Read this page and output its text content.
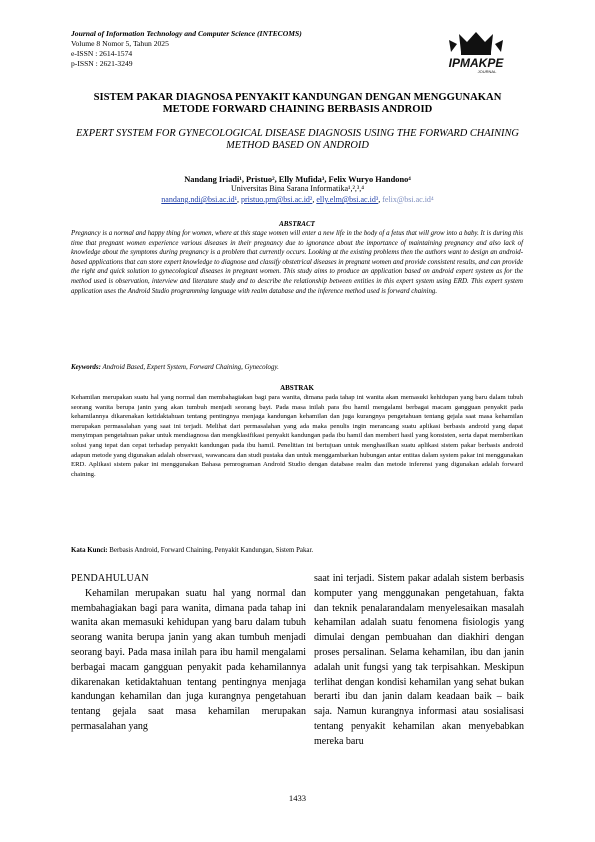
Journal of Information Technology and Computer Science (INTECOMS)
Volume 8 Nomor 5, Tahun 2025
e-ISSN : 2614-1574
p-ISSN : 2621-3249	IPMAKPE
JOURNAL
SISTEM PAKAR DIAGNOSA PENYAKIT KANDUNGAN DENGAN MENGGUNAKAN METODE FORWARD CHAINING BERBASIS ANDROID
EXPERT SYSTEM FOR GYNECOLOGICAL DISEASE DIAGNOSIS USING THE FORWARD CHAINING METHOD BASED ON ANDROID
Nandang Iriadi¹, Pristuo², Elly Mufida³, Felix Wuryo Handono⁴
Universitas Bina Sarana Informatika¹,²,³,⁴
nandang.ndi@bsi.ac.id¹, pristuo.prn@bsi.ac.id², elly.elm@bsi.ac.id³, felix@bsi.ac.id⁴
ABSTRACT

Pregnancy is a normal and happy thing for women, where at this stage women will enter a new life in the body of a fetus that will grow into a baby. It is during this time that pregnant women experience various diseases in their pregnancy due to ignorance about the importance of maintaining pregnancy and also lack of knowledge about the symptoms during pregnancy is a problem that currently occurs. Looking at the existing problems then the authors want to design an android-based applications that can store expert knowledge to diagnose and classify obstetrical diseases in pregnant women and provide consistent results, and can provide the right and quick solution to gynecological diseases in pregnant women. This study aims to produce an application based on android expert system as for the method used is observation, interview and literature study and to describe the relationship between entities in this expert system using ERD. This expert system application uses the Android Studio programming language with realm database and the inference method used is forward chaining.

Keywords: Android Based, Expert System, Forward Chaining, Gynecology.
ABSTRAK

Kehamilan merupakan suatu hal yang normal dan membahagiakan bagi para wanita, dimana pada tahap ini wanita akan memasuki kehidupan yang baru dalam tubuh seorang wanita berupa janin yang akan tumbuh menjadi seorang bayi. Pada masa inilah para ibu hamil mengalami berbagai macam gangguan penyakit pada kehamilannya dikarenakan ketidaktahuan tentang pentingnya menjaga kandungan kehamilan dan juga kurangnya pengetahuan tentang gejala saat masa kehamilan merupakan permasalahan yang saat ini terjadi. Melihat dari permasalahan yang ada maka penulis ingin merancang suatu aplikasi berbasis android yang dapat menyimpan pengetahuan pakar untuk mendiagnosa dan mengklasifikasi penyakit kandungan pada ibu hamil dan memberi hasil yang konsisten, serta dapat memberikan solusi yang tepat dan cepat terhadap penyakit kandungan pada ibu hamil. Penelitian ini bertujuan untuk menghasilkan suatu aplikasi sistem pakar berbasis android adapun metode yang digunakan adalah observasi, wawancara dan studi pustaka dan untuk menggambarkan hubungan antar entitas dalam system pakar ini menggunakan ERD. Aplikasi sistem pakar ini menggunakan Bahasa pemrograman Android Studio dengan database realm dan metode inferensi yang digunakan adalah forward chaining.

Kata Kunci: Berbasis Android, Forward Chaining, Penyakit Kandungan, Sistem Pakar.
PENDAHULUAN

Kehamilan merupakan suatu hal yang normal dan membahagiakan bagi para wanita, dimana pada tahap ini wanita akan memasuki kehidupan yang baru dalam tubuh seorang wanita berupa janin yang akan tumbuh menjadi seorang bayi. Pada masa inilah para ibu hamil mengalami berbagai macam gangguan penyakit pada kehamilannya dikarenakan ketidaktahuan tentang pentingnya menjaga kandungan kehamilan dan juga kurangnya pengetahuan tentang gejala saat masa kehamilan merupakan permasalahan yang

saat ini terjadi. Sistem pakar adalah sistem berbasis komputer yang menggunakan pengetahuan, fakta dan teknik penalarandalam menyelesaikan masalah kehamilan adalah suatu fenomena fisiologis yang dimulai dengan pembuahan dan diakhiri dengan proses persalinan. Selama kehamilan, ibu dan janin adalah unit fungsi yang tak terpisahkan. Meskipun terlihat dengan kondisi kehamilan yang sehat bukan berarti ibu dan janin dalam keadaan baik – baik saja. Namun kurangnya informasi atau sosialisasi tentang penyakit kehamilan akan menyebabkan mereka baru

1433
